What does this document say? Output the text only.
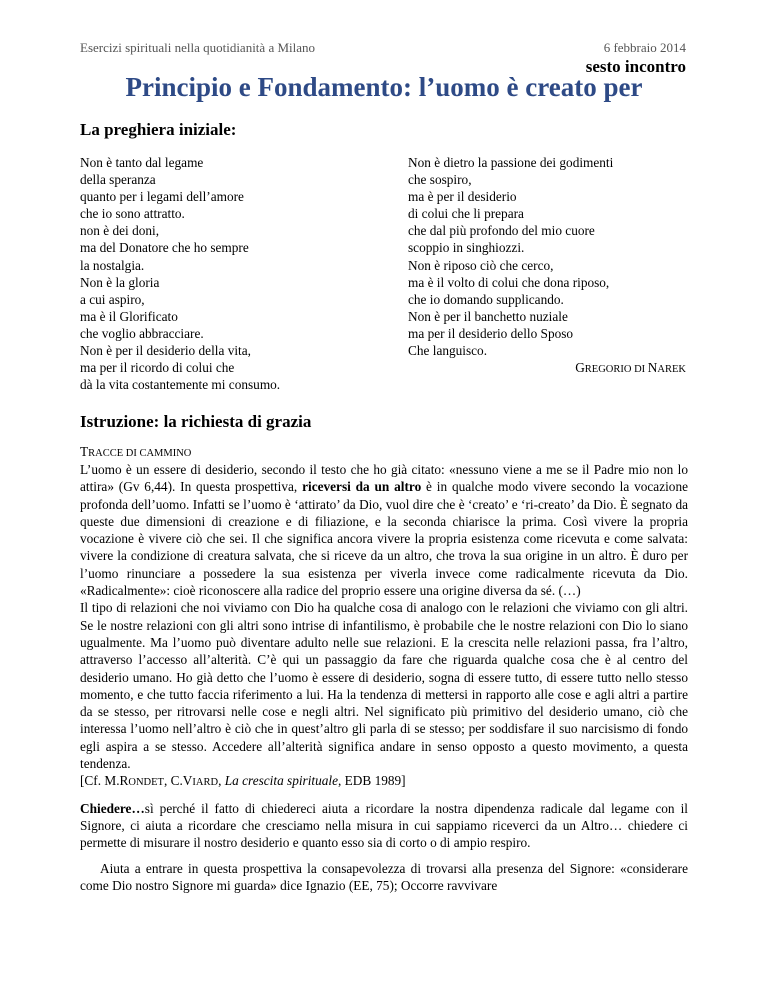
Esercizi spirituali nella quotidianità a Milano	6 febbraio 2014
sesto incontro
Principio e Fondamento: l’uomo è creato per
La preghiera iniziale:
Non è tanto dal legame
della speranza
quanto per i legami dell’amore
che io sono attratto.
non è dei doni,
ma del Donatore che ho sempre
la nostalgia.
Non è la gloria
a cui aspiro,
ma è il Glorificato
che voglio abbracciare.
Non è per il desiderio della vita,
ma per il ricordo di colui che
dà la vita costantemente mi consumo.
Non è dietro la passione dei godimenti
che sospiro,
ma è per il desiderio
di colui che li prepara
che dal più profondo del mio cuore
scoppio in singhiozzi.
Non è riposo ciò che cerco,
ma è il volto di colui che dona riposo,
che io domando supplicando.
Non è per il banchetto nuziale
ma per il desiderio dello Sposo
Che languisco.
GREGORIO DI NAREK
Istruzione: la richiesta di grazia
TRACCE DI CAMMINO

L’uomo è un essere di desiderio, secondo il testo che ho già citato: «nessuno viene a me se il Padre mio non lo attira» (Gv 6,44). In questa prospettiva, riceversi da un altro è in qualche modo vivere secondo la vocazione profonda dell’uomo. Infatti se l’uomo è ‘attirato’ da Dio, vuol dire che è ‘creato’ e ‘ri-creato’ da Dio. È segnato da queste due dimensioni di creazione e di filiazione, e la seconda chiarisce la prima. Così vivere la propria vocazione è vivere ciò che sei. Il che significa ancora vivere la propria esistenza come ricevuta e come salvata: vivere la condizione di creatura salvata, che si riceve da un altro, che trova la sua origine in un altro. È duro per l’uomo rinunciare a possedere la sua esistenza per viverla invece come radicalmente ricevuta da Dio. «Radicalmente»: cioè riconoscere alla radice del proprio essere una origine diversa da sé. (…)

Il tipo di relazioni che noi viviamo con Dio ha qualche cosa di analogo con le relazioni che viviamo con gli altri. Se le nostre relazioni con gli altri sono intrise di infantilismo, è probabile che le nostre relazioni con Dio lo siano ugualmente. Ma l’uomo può diventare adulto nelle sue relazioni. E la crescita nelle relazioni passa, fra l’altro, attraverso l’accesso all’alterità. C’è qui un passaggio da fare che riguarda qualche cosa che è al centro del desiderio umano. Ho già detto che l’uomo è essere di desiderio, sogna di essere tutto, di essere tutto nello stesso momento, e che tutto faccia riferimento a lui. Ha la tendenza di mettersi in rapporto alle cose e agli altri a partire da se stesso, per ritrovarsi nelle cose e negli altri. Nel significato più primitivo del desiderio umano, ciò che interessa l’uomo nell’altro è ciò che in quest’altro gli parla di se stesso; per soddisfare il suo narcisismo di fondo egli aspira a se stesso. Accedere all’alterità significa andare in senso opposto a questo movimento, a questa tendenza.

[Cf. M.RONDET, C.VIARD, La crescita spirituale, EDB 1989]

Chiedere…sì perché il fatto di chiedereci aiuta a ricordare la nostra dipendenza radicale dal legame con il Signore, ci aiuta a ricordare che cresciamo nella misura in cui sappiamo riceverci da un Altro… chiedere ci permette di misurare il nostro desiderio e quanto esso sia di corto o di ampio respiro.

Aiuta a entrare in questa prospettiva la consapevolezza di trovarsi alla presenza del Signore: «considerare come Dio nostro Signore mi guarda» dice Ignazio (EE, 75); Occorre ravvivare
